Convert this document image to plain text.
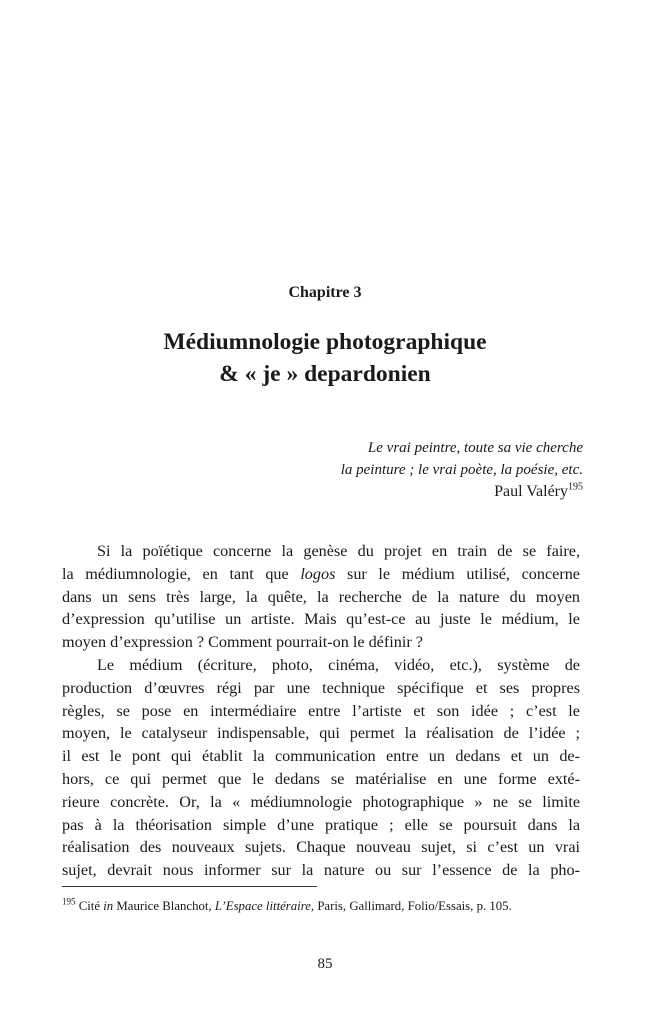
Chapitre 3
Médiumnologie photographique
& « je » depardonien
Le vrai peintre, toute sa vie cherche
la peinture ; le vrai poète, la poésie, etc.
Paul Valéry$^{195}$
Si la poïétique concerne la genèse du projet en train de se faire,
la médiumnologie, en tant que logos sur le médium utilisé, concerne
dans un sens très large, la quête, la recherche de la nature du moyen
d’expression qu’utilise un artiste. Mais qu’est-ce au juste le médium, le
moyen d’expression ? Comment pourrait-on le définir ?
Le médium (écriture, photo, cinéma, vidéo, etc.), système de
production d’œuvres régi par une technique spécifique et ses propres
règles, se pose en intermédiaire entre l’artiste et son idée ; c’est le
moyen, le catalyseur indispensable, qui permet la réalisation de l’idée ;
il est le pont qui établit la communication entre un dedans et un de-
hors, ce qui permet que le dedans se matérialise en une forme exté-
rieure concrète. Or, la « médiumnologie photographique » ne se limite
pas à la théorisation simple d’une pratique ; elle se poursuit dans la
réalisation des nouveaux sujets. Chaque nouveau sujet, si c’est un vrai
sujet, devrait nous informer sur la nature ou sur l’essence de la pho-
$^{195}$ Cité in Maurice Blanchot, L’Espace littéraire, Paris, Gallimard, Folio/Essais, p. 105.
85
